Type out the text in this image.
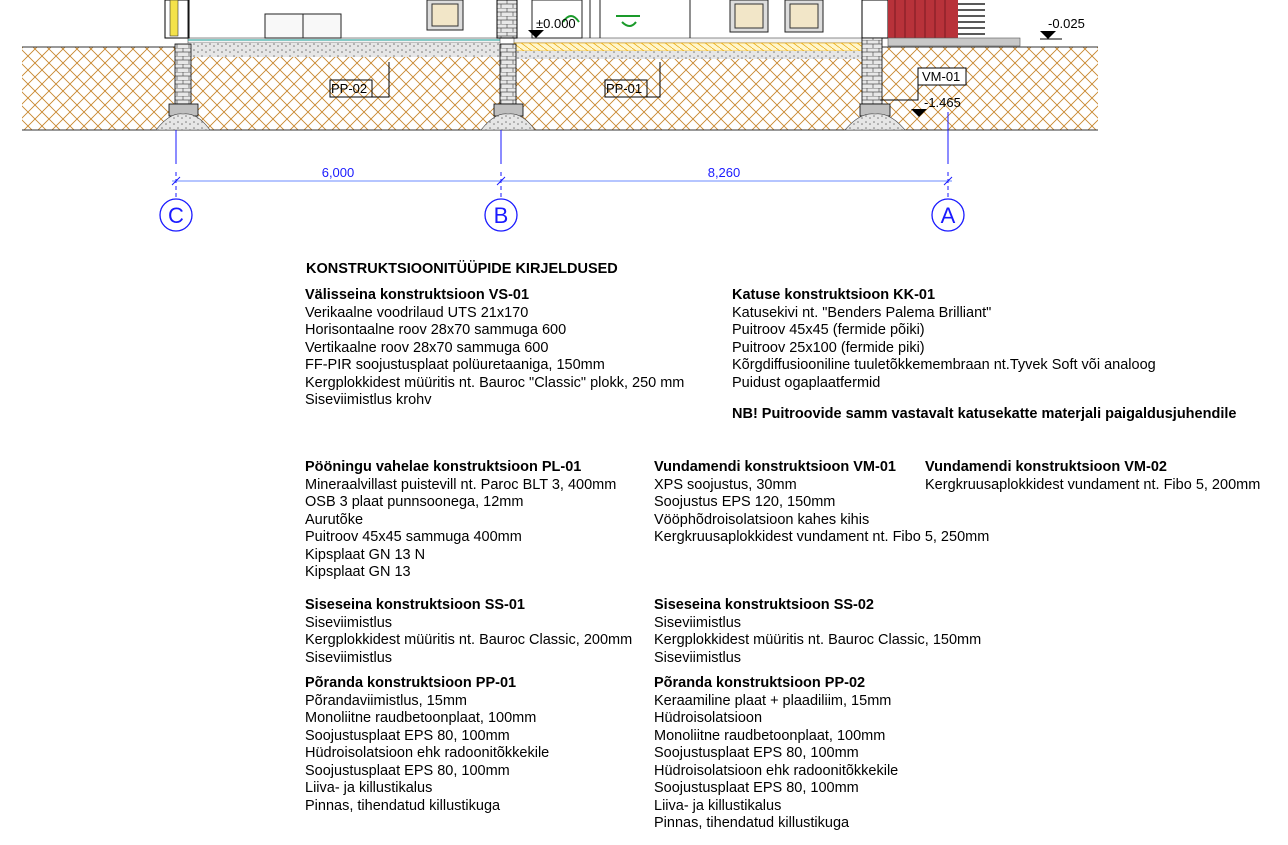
±0.000	-0.025
-1.465
PP-02	PP-01
VM-01
6,000	8,260
C	B	A
KONSTRUKTSIOONITÜÜPIDE KIRJELDUSED
Välisseina konstruktsioon VS-01
Verikaalne voodrilaud UTS 21x170
Horisontaalne roov 28x70 sammuga 600
Vertikaalne roov 28x70 sammuga 600
FF-PIR soojustusplaat polüuretaaniga, 150mm
Kergplokkidest müüritis nt. Bauroc "Classic" plokk, 250 mm
Siseviimistlus krohv
Katuse konstruktsioon KK-01
Katusekivi nt. "Benders Palema Brilliant"
Puitroov 45x45 (fermide põiki)
Puitroov 25x100 (fermide piki)
Kõrgdiffusiooniline tuuletõkkemembraan nt.Tyvek Soft või analoog
Puidust ogaplaatfermid
NB! Puitroovide samm vastavalt katusekatte materjali paigaldusjuhendile
Pööningu vahelae konstruktsioon PL-01
Mineraalvillast puistevill nt. Paroc BLT 3, 400mm
OSB 3 plaat punnsoonega, 12mm
Aurutõke
Puitroov 45x45 sammuga 400mm
Kipsplaat GN 13 N
Kipsplaat GN 13
Vundamendi konstruktsioon VM-01
XPS soojustus, 30mm
Soojustus EPS 120, 150mm
Vööphõdroisolatsioon kahes kihis
Kergkruusaplokkidest vundament nt. Fibo 5, 250mm
Vundamendi konstruktsioon VM-02
Kergkruusaplokkidest vundament nt. Fibo 5, 200mm
Siseseina konstruktsioon SS-01
Siseviimistlus
Kergplokkidest müüritis nt. Bauroc Classic, 200mm
Siseviimistlus
Siseseina konstruktsioon SS-02
Siseviimistlus
Kergplokkidest müüritis nt. Bauroc Classic, 150mm
Siseviimistlus
Põranda konstruktsioon PP-01
Põrandaviimistlus, 15mm
Monoliitne raudbetoonplaat, 100mm
Soojustusplaat EPS 80, 100mm
Hüdroisolatsioon ehk radoonitõkkekile
Soojustusplaat EPS 80, 100mm
Liiva- ja killustikalus
Pinnas, tihendatud killustikuga
Põranda konstruktsioon PP-02
Keraamiline plaat + plaadiliim, 15mm
Hüdroisolatsioon
Monoliitne raudbetoonplaat, 100mm
Soojustusplaat EPS 80, 100mm
Hüdroisolatsioon ehk radoonitõkkekile
Soojustusplaat EPS 80, 100mm
Liiva- ja killustikalus
Pinnas, tihendatud killustikuga
